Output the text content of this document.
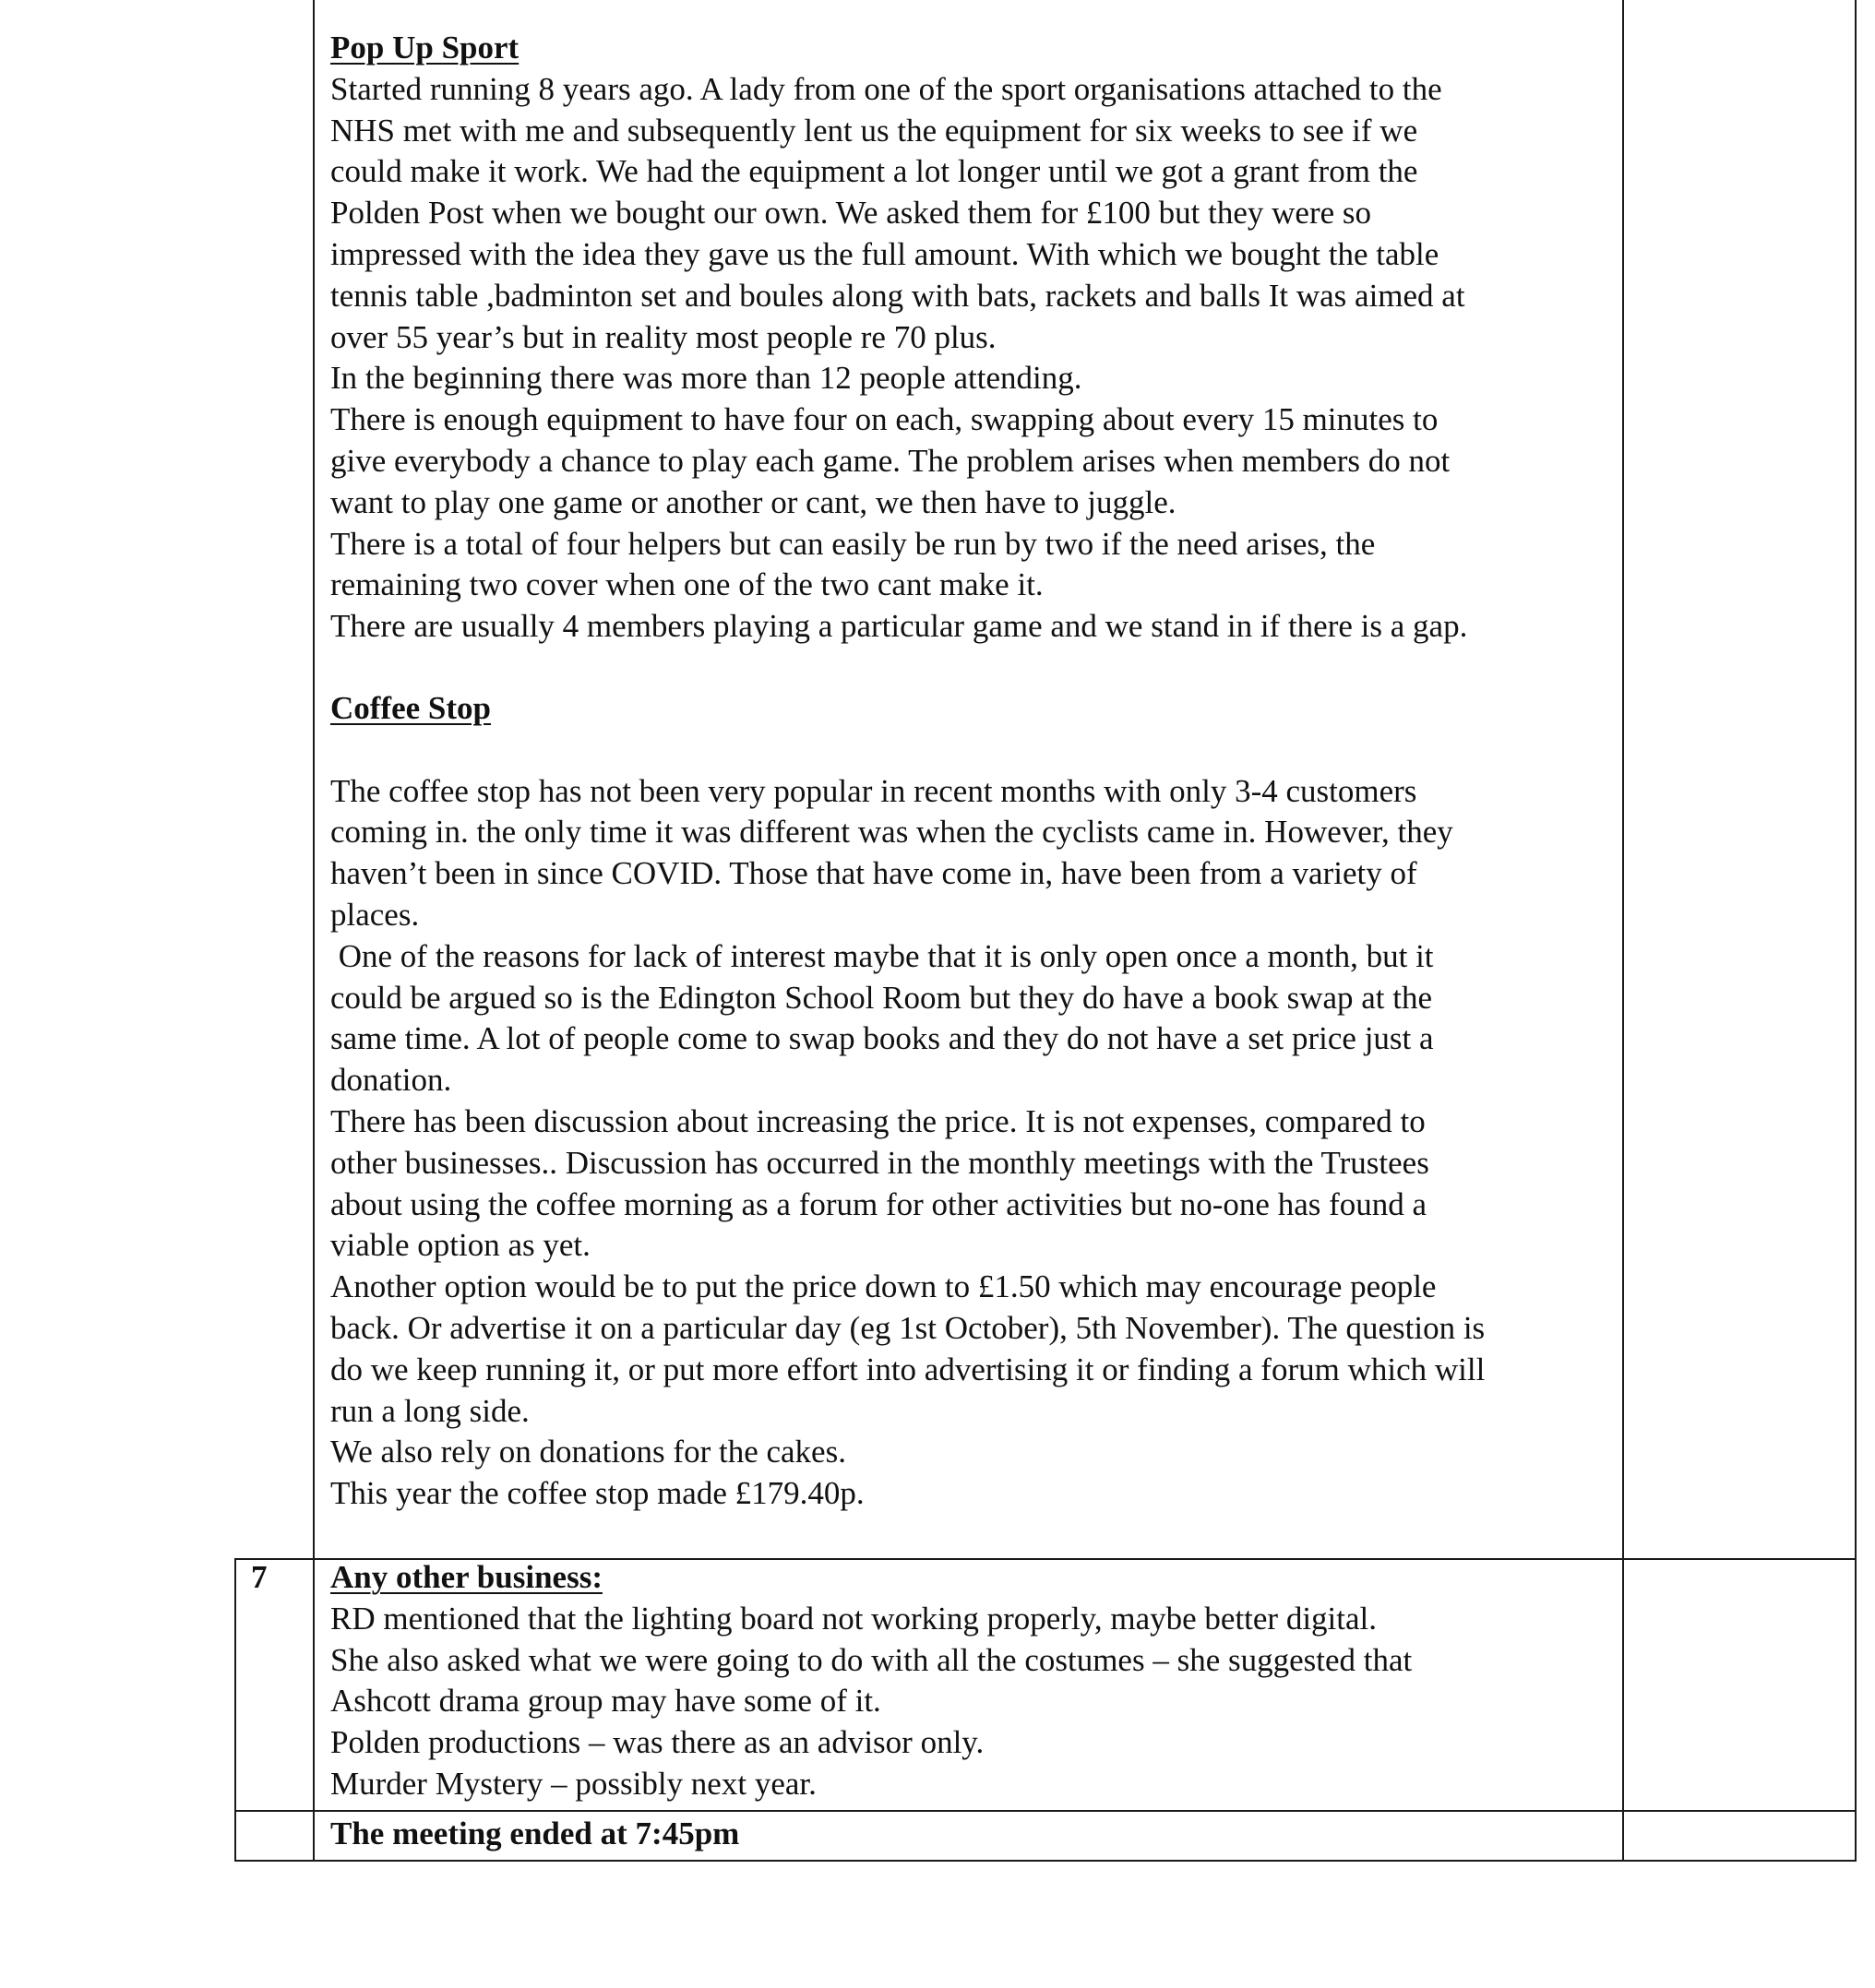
Pop Up Sport
Started running 8 years ago. A lady from one of the sport organisations attached to the
NHS met with me and subsequently lent us the equipment for six weeks to see if we
could make it work. We had the equipment a lot longer until we got a grant from the
Polden Post when we bought our own. We asked them for £100 but they were so
impressed with the idea they gave us the full amount. With which we bought the table
tennis table ,badminton set and boules along with bats, rackets and balls It was aimed at
over 55 year’s but in reality most people re 70 plus.
In the beginning there was more than 12 people attending.
There is enough equipment to have four on each, swapping about every 15 minutes to
give everybody a chance to play each game. The problem arises when members do not
want to play one game or another or cant, we then have to juggle.
There is a total of four helpers but can easily be run by two if the need arises, the
remaining two cover when one of the two cant make it.
There are usually 4 members playing a particular game and we stand in if there is a gap.
Coffee Stop
The coffee stop has not been very popular in recent months with only 3-4 customers
coming in. the only time it was different was when the cyclists came in. However, they
haven’t been in since COVID. Those that have come in, have been from a variety of
places.
One of the reasons for lack of interest maybe that it is only open once a month, but it
could be argued so is the Edington School Room but they do have a book swap at the
same time. A lot of people come to swap books and they do not have a set price just a
donation.
There has been discussion about increasing the price. It is not expenses, compared to
other businesses.. Discussion has occurred in the monthly meetings with the Trustees
about using the coffee morning as a forum for other activities but no-one has found a
viable option as yet.
Another option would be to put the price down to £1.50 which may encourage people
back. Or advertise it on a particular day (eg 1st October), 5th November). The question is
do we keep running it, or put more effort into advertising it or finding a forum which will
run a long side.
We also rely on donations for the cakes.
This year the coffee stop made £179.40p.
7 Any other business:
RD mentioned that the lighting board not working properly, maybe better digital.
She also asked what we were going to do with all the costumes – she suggested that
Ashcott drama group may have some of it.
Polden productions – was there as an advisor only.
Murder Mystery – possibly next year.
The meeting ended at 7:45pm
